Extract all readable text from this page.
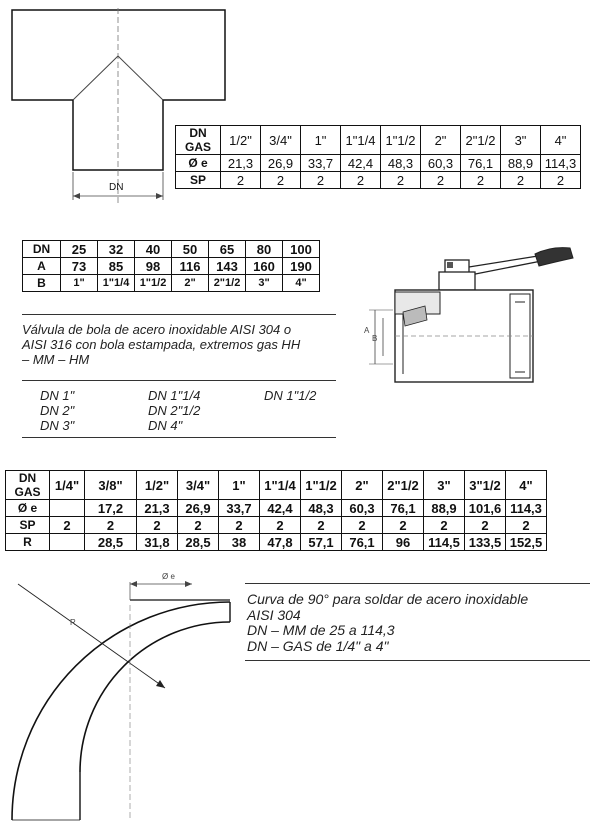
DN
DN GAS	1/2"	3/4"	1"	1"1/4	1"1/2	2"	2"1/2	3"	4"
Ø e	21,3	26,9	33,7	42,4	48,3	60,3	76,1	88,9	114,3
SP	2	2	2	2	2	2	2	2	2
DN	25	32	40	50	65	80	100
A	73	85	98	116	143	160	190
B	1"	1"1/4	1"1/2	2"	2"1/2	3"	4"
Válvula de bola de acero inoxidable AISI 304 o
AISI 316 con bola estampada, extremos gas HH
– MM – HM
DN 1"	DN 1"1/4	DN 1"1/2
DN 2"	DN 2"1/2
DN 3"	DN 4"
A
B
DN GAS	1/4"	3/8"	1/2"	3/4"	1"	1"1/4	1"1/2	2"	2"1/2	3"	3"1/2	4"
Ø e		17,2	21,3	26,9	33,7	42,4	48,3	60,3	76,1	88,9	101,6	114,3
SP	2	2	2	2	2	2	2	2	2	2	2	2
R		28,5	31,8	28,5	38	47,8	57,1	76,1	96	114,5	133,5	152,5
Ø e
R
Curva de 90° para soldar de acero inoxidable
AISI 304
DN – MM de 25 a 114,3
DN – GAS de 1/4" a 4"
